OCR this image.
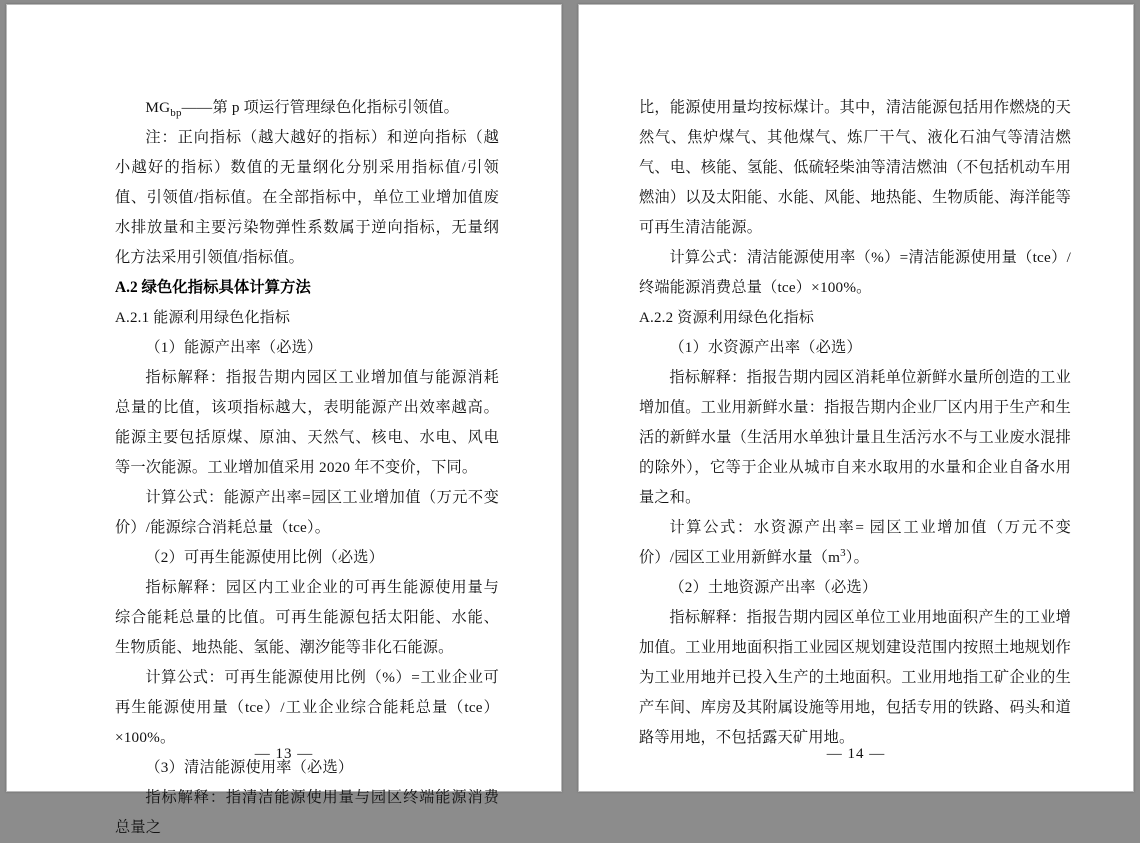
$MG_{bp}——$第 p 项运行管理绿色化指标引领值。

注：正向指标（越大越好的指标）和逆向指标（越小越好的指标）数值的无量纲化分别采用指标值/引领值、引领值/指标值。在全部指标中，单位工业增加值废水排放量和主要污染物弹性系数属于逆向指标，无量纲化方法采用引领值/指标值。

A.2 绿色化指标具体计算方法

A.2.1 能源利用绿色化指标

（1）能源产出率（必选）

指标解释：指报告期内园区工业增加值与能源消耗总量的比值，该项指标越大，表明能源产出效率越高。能源主要包括原煤、原油、天然气、核电、水电、风电等一次能源。工业增加值采用 2020 年不变价，下同。

计算公式：能源产出率=园区工业增加值（万元不变价）/能源综合消耗总量（tce）。

（2）可再生能源使用比例（必选）

指标解释：园区内工业企业的可再生能源使用量与综合能耗总量的比值。可再生能源包括太阳能、水能、生物质能、地热能、氢能、潮汐能等非化石能源。

计算公式：可再生能源使用比例（%）=工业企业可再生能源使用量（tce）/工业企业综合能耗总量（tce）×100%。

（3）清洁能源使用率（必选）

指标解释：指清洁能源使用量与园区终端能源消费总量之

— 13 —

比，能源使用量均按标煤计。其中，清洁能源包括用作燃烧的天然气、焦炉煤气、其他煤气、炼厂干气、液化石油气等清洁燃气、电、核能、氢能、低硫轻柴油等清洁燃油（不包括机动车用燃油）以及太阳能、水能、风能、地热能、生物质能、海洋能等可再生清洁能源。

计算公式：清洁能源使用率（%）=清洁能源使用量（tce）/终端能源消费总量（tce）×100%。

A.2.2 资源利用绿色化指标

（1）水资源产出率（必选）

指标解释：指报告期内园区消耗单位新鲜水量所创造的工业增加值。工业用新鲜水量：指报告期内企业厂区内用于生产和生活的新鲜水量（生活用水单独计量且生活污水不与工业废水混排的除外），它等于企业从城市自来水取用的水量和企业自备水用量之和。

计算公式：水资源产出率= 园区工业增加值（万元不变价）/园区工业用新鲜水量$(m^3)$。

（2）土地资源产出率（必选）

指标解释：指报告期内园区单位工业用地面积产生的工业增加值。工业用地面积指工业园区规划建设范围内按照土地规划作为工业用地并已投入生产的土地面积。工业用地指工矿企业的生产车间、库房及其附属设施等用地，包括专用的铁路、码头和道路等用地，不包括露天矿用地。

— 14 —
